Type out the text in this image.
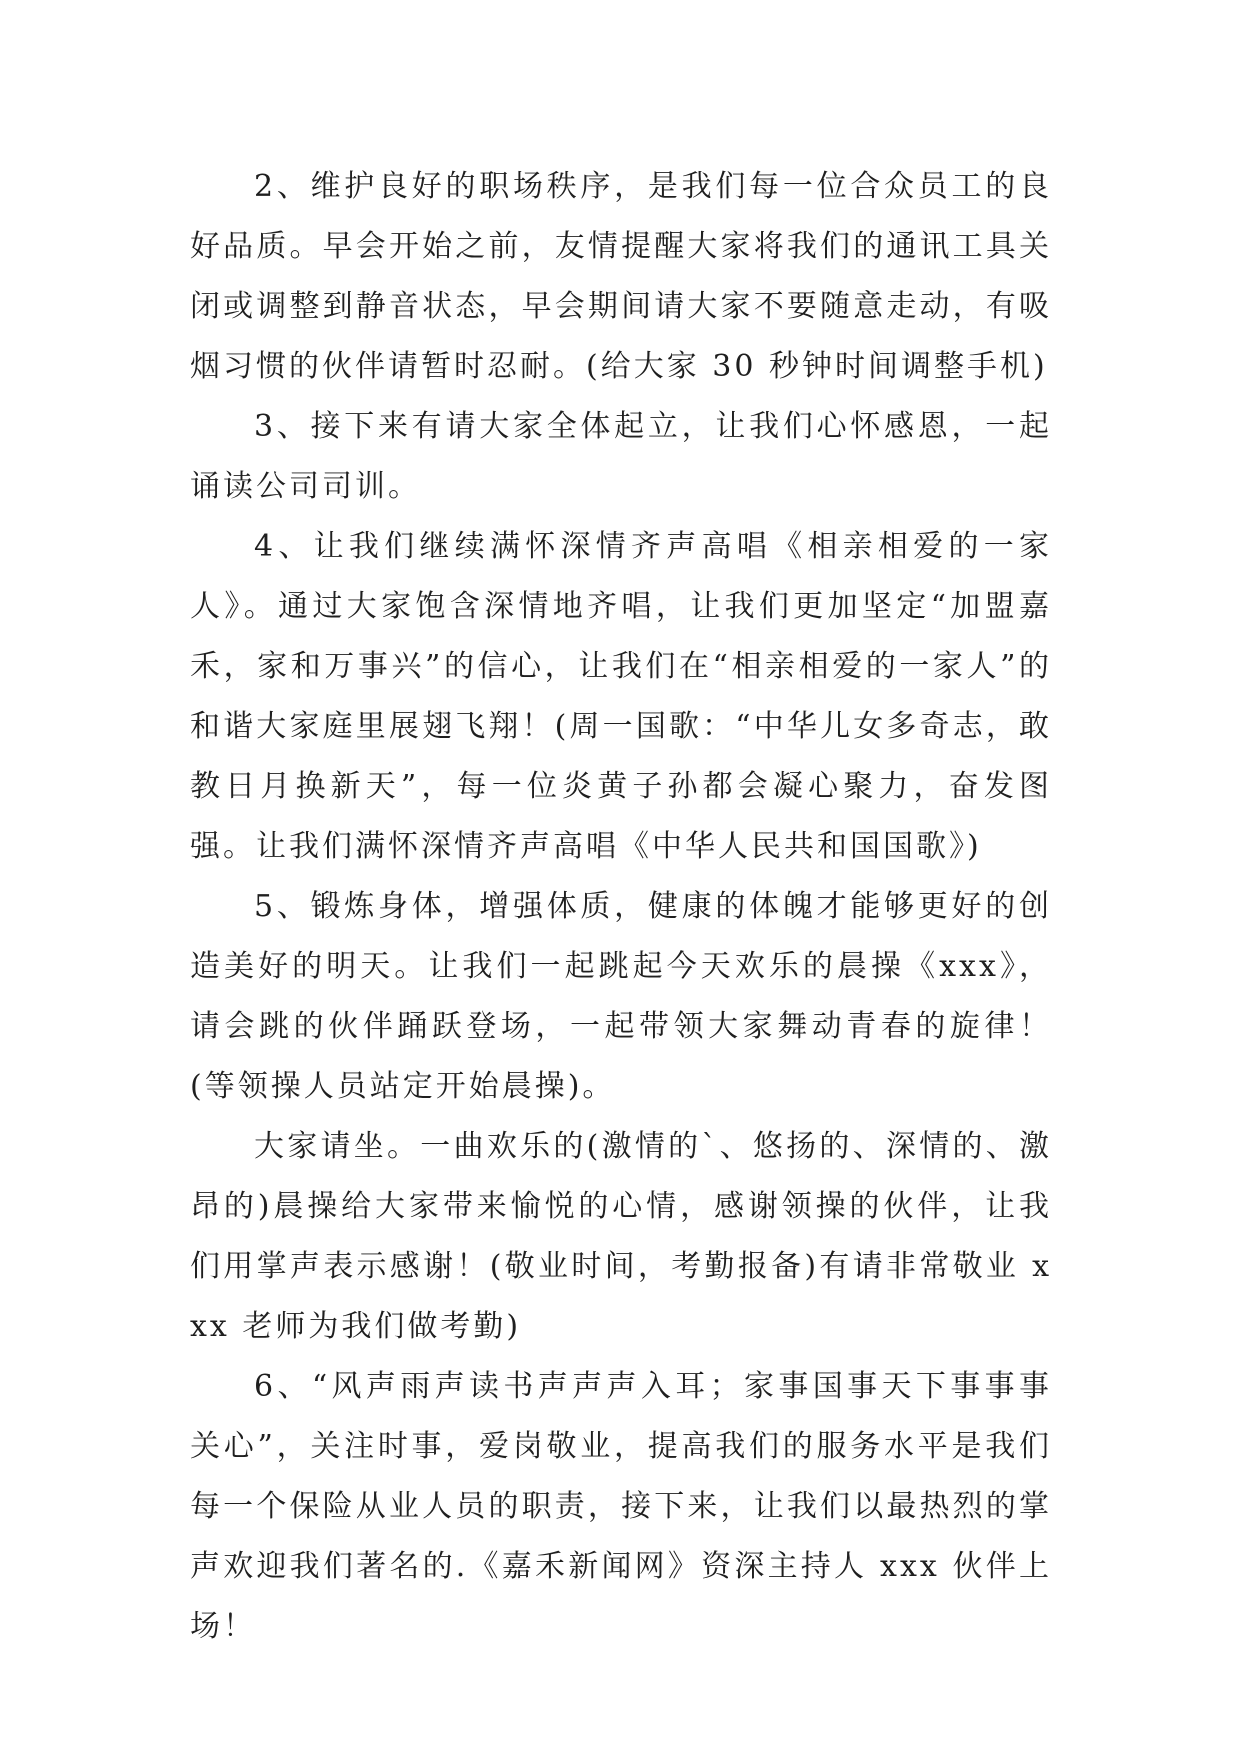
2、维护良好的职场秩序，是我们每一位合众员工的良好品质。早会开始之前，友情提醒大家将我们的通讯工具关闭或调整到静音状态，早会期间请大家不要随意走动，有吸烟习惯的伙伴请暂时忍耐。(给大家 30 秒钟时间调整手机)

3、接下来有请大家全体起立，让我们心怀感恩，一起诵读公司司训。

4、让我们继续满怀深情齐声高唱《相亲相爱的一家人》。通过大家饱含深情地齐唱，让我们更加坚定“加盟嘉禾，家和万事兴”的信心，让我们在“相亲相爱的一家人”的和谐大家庭里展翅飞翔！(周一国歌：“中华儿女多奇志，敢教日月换新天”，每一位炎黄子孙都会凝心聚力，奋发图强。让我们满怀深情齐声高唱《中华人民共和国国歌》)

5、锻炼身体，增强体质，健康的体魄才能够更好的创造美好的明天。让我们一起跳起今天欢乐的晨操《xxx》，请会跳的伙伴踊跃登场，一起带领大家舞动青春的旋律！(等领操人员站定开始晨操)。

大家请坐。一曲欢乐的(激情的`、悠扬的、深情的、激昂的)晨操给大家带来愉悦的心情，感谢领操的伙伴，让我们用掌声表示感谢！(敬业时间，考勤报备)有请非常敬业 xxx 老师为我们做考勤)

6、“风声雨声读书声声声入耳；家事国事天下事事事关心”，关注时事，爱岗敬业，提高我们的服务水平是我们每一个保险从业人员的职责，接下来，让我们以最热烈的掌声欢迎我们著名的.《嘉禾新闻网》资深主持人 xxx 伙伴上场！
